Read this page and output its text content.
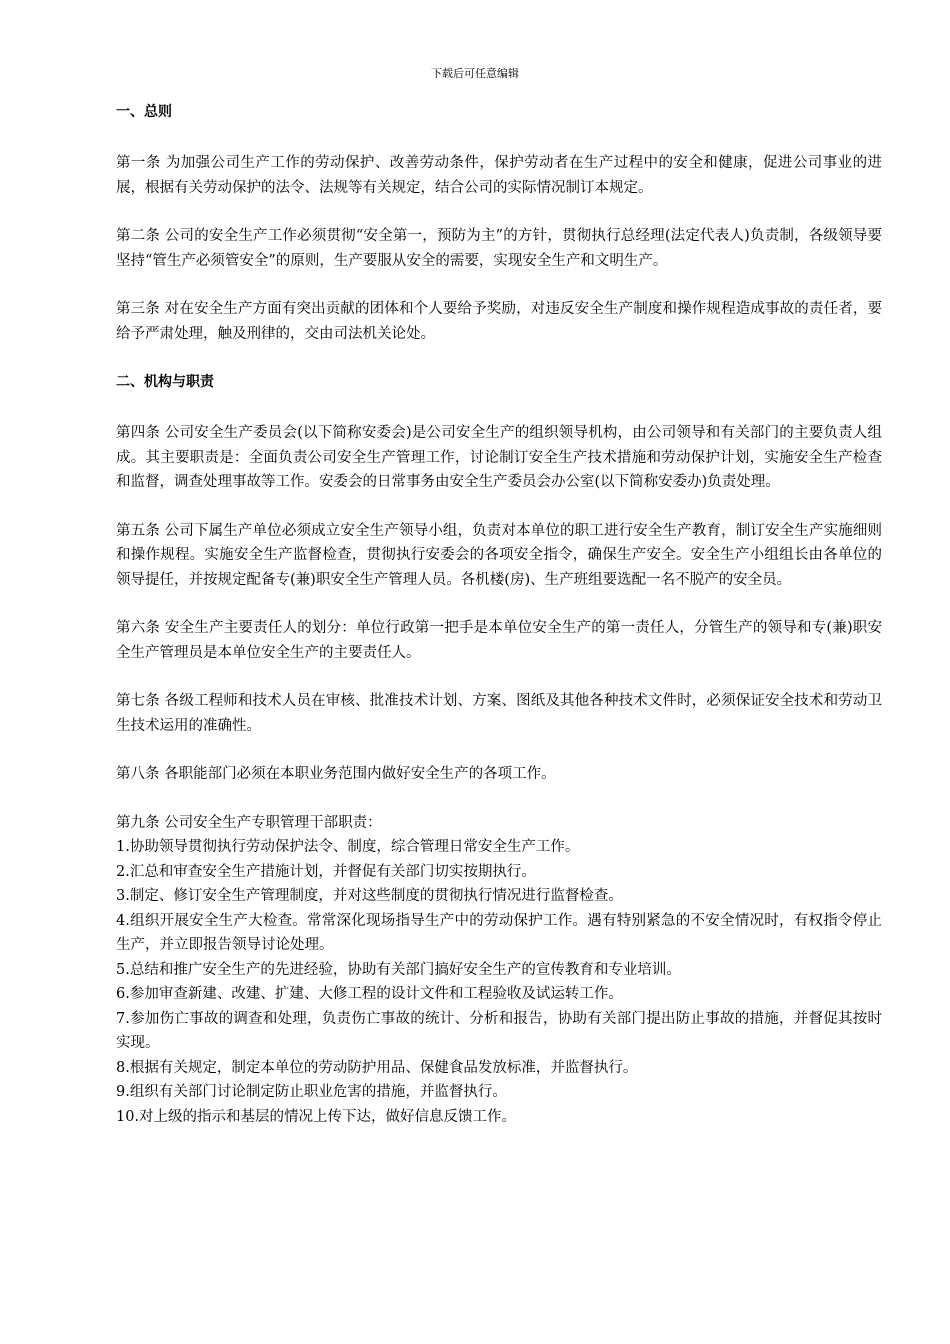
下载后可任意编辑

一、总则

第一条 为加强公司生产工作的劳动保护、改善劳动条件，保护劳动者在生产过程中的安全和健康，促进公司事业的进展，根据有关劳动保护的法令、法规等有关规定，结合公司的实际情况制订本规定。

第二条 公司的安全生产工作必须贯彻“安全第一，预防为主”的方针，贯彻执行总经理(法定代表人)负责制，各级领导要坚持“管生产必须管安全”的原则，生产要服从安全的需要，实现安全生产和文明生产。

第三条 对在安全生产方面有突出贡献的团体和个人要给予奖励，对违反安全生产制度和操作规程造成事故的责任者，要给予严肃处理，触及刑律的，交由司法机关论处。

二、机构与职责

第四条 公司安全生产委员会(以下简称安委会)是公司安全生产的组织领导机构，由公司领导和有关部门的主要负责人组成。其主要职责是：全面负责公司安全生产管理工作，讨论制订安全生产技术措施和劳动保护计划，实施安全生产检查和监督，调查处理事故等工作。安委会的日常事务由安全生产委员会办公室(以下简称安委办)负责处理。

第五条 公司下属生产单位必须成立安全生产领导小组，负责对本单位的职工进行安全生产教育，制订安全生产实施细则和操作规程。实施安全生产监督检查，贯彻执行安委会的各项安全指令，确保生产安全。安全生产小组组长由各单位的领导提任，并按规定配备专(兼)职安全生产管理人员。各机楼(房)、生产班组要选配一名不脱产的安全员。

第六条 安全生产主要责任人的划分：单位行政第一把手是本单位安全生产的第一责任人，分管生产的领导和专(兼)职安全生产管理员是本单位安全生产的主要责任人。

第七条 各级工程师和技术人员在审核、批准技术计划、方案、图纸及其他各种技术文件时，必须保证安全技术和劳动卫生技术运用的准确性。

第八条 各职能部门必须在本职业务范围内做好安全生产的各项工作。

第九条 公司安全生产专职管理干部职责：

1.协助领导贯彻执行劳动保护法令、制度，综合管理日常安全生产工作。
2.汇总和审查安全生产措施计划，并督促有关部门切实按期执行。
3.制定、修订安全生产管理制度，并对这些制度的贯彻执行情况进行监督检查。
4.组织开展安全生产大检查。常常深化现场指导生产中的劳动保护工作。遇有特别紧急的不安全情况时，有权指令停止生产，并立即报告领导讨论处理。
5.总结和推广安全生产的先进经验，协助有关部门搞好安全生产的宣传教育和专业培训。
6.参加审查新建、改建、扩建、大修工程的设计文件和工程验收及试运转工作。
7.参加伤亡事故的调查和处理，负责伤亡事故的统计、分析和报告，协助有关部门提出防止事故的措施，并督促其按时实现。
8.根据有关规定，制定本单位的劳动防护用品、保健食品发放标准，并监督执行。
9.组织有关部门讨论制定防止职业危害的措施，并监督执行。
10.对上级的指示和基层的情况上传下达，做好信息反馈工作。
